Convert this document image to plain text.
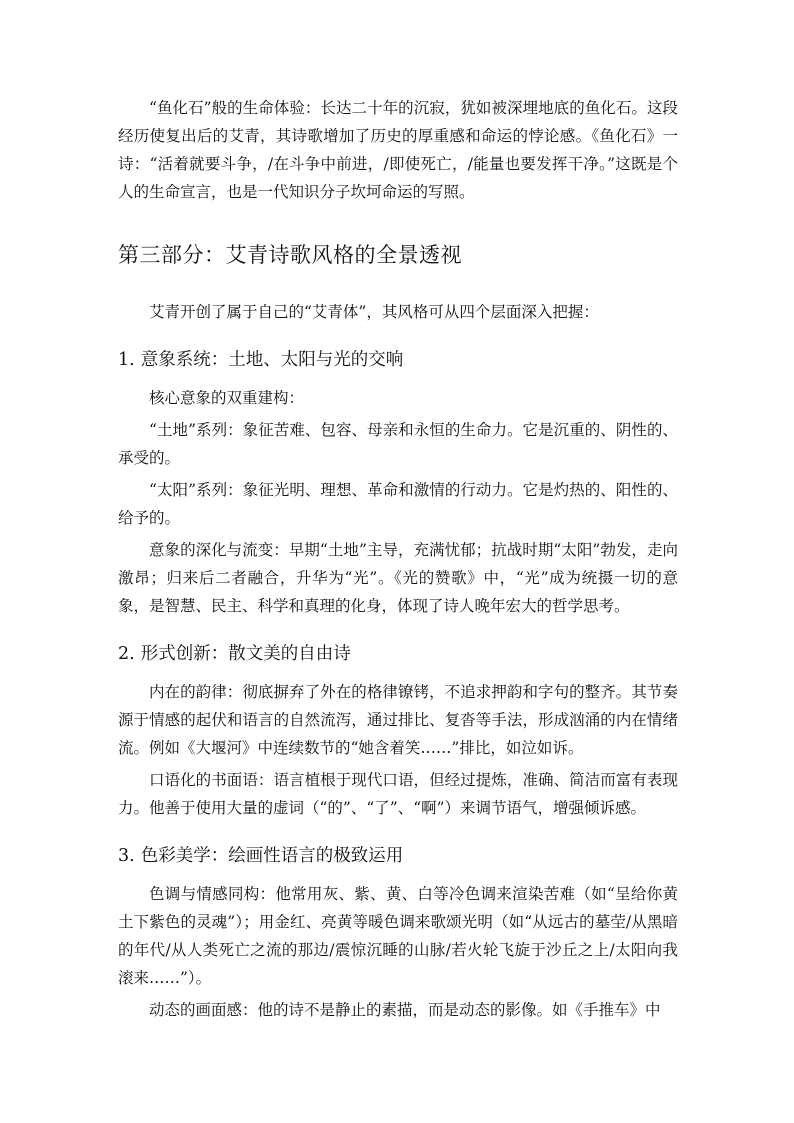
“鱼化石”般的生命体验：长达二十年的沉寂，犹如被深埋地底的鱼化石。这段经历使复出后的艾青，其诗歌增加了历史的厚重感和命运的悖论感。《鱼化石》一诗：“活着就要斗争，/在斗争中前进，/即使死亡，/能量也要发挥干净。”这既是个人的生命宣言，也是一代知识分子坎坷命运的写照。

第三部分：艾青诗歌风格的全景透视

艾青开创了属于自己的“艾青体”，其风格可从四个层面深入把握：

1. 意象系统：土地、太阳与光的交响

核心意象的双重建构：

“土地”系列：象征苦难、包容、母亲和永恒的生命力。它是沉重的、阴性的、承受的。

“太阳”系列：象征光明、理想、革命和激情的行动力。它是灼热的、阳性的、给予的。

意象的深化与流变：早期“土地”主导，充满忧郁；抗战时期“太阳”勃发，走向激昂；归来后二者融合，升华为“光”。《光的赞歌》中，“光”成为统摄一切的意象，是智慧、民主、科学和真理的化身，体现了诗人晚年宏大的哲学思考。

2. 形式创新：散文美的自由诗

内在的韵律：彻底摒弃了外在的格律镣铐，不追求押韵和字句的整齐。其节奏源于情感的起伏和语言的自然流泻，通过排比、复沓等手法，形成汹涌的内在情绪流。例如《大堰河》中连续数节的“她含着笑……”排比，如泣如诉。

口语化的书面语：语言植根于现代口语，但经过提炼，准确、简洁而富有表现力。他善于使用大量的虚词（“的”、“了”、“啊”）来调节语气，增强倾诉感。

3. 色彩美学：绘画性语言的极致运用

色调与情感同构：他常用灰、紫、黄、白等冷色调来渲染苦难（如“呈给你黄土下紫色的灵魂”）；用金红、亮黄等暖色调来歌颂光明（如“从远古的墓茔/从黑暗的年代/从人类死亡之流的那边/震惊沉睡的山脉/若火轮飞旋于沙丘之上/太阳向我滚来……”）。

动态的画面感：他的诗不是静止的素描，而是动态的影像。如《手推车》中
